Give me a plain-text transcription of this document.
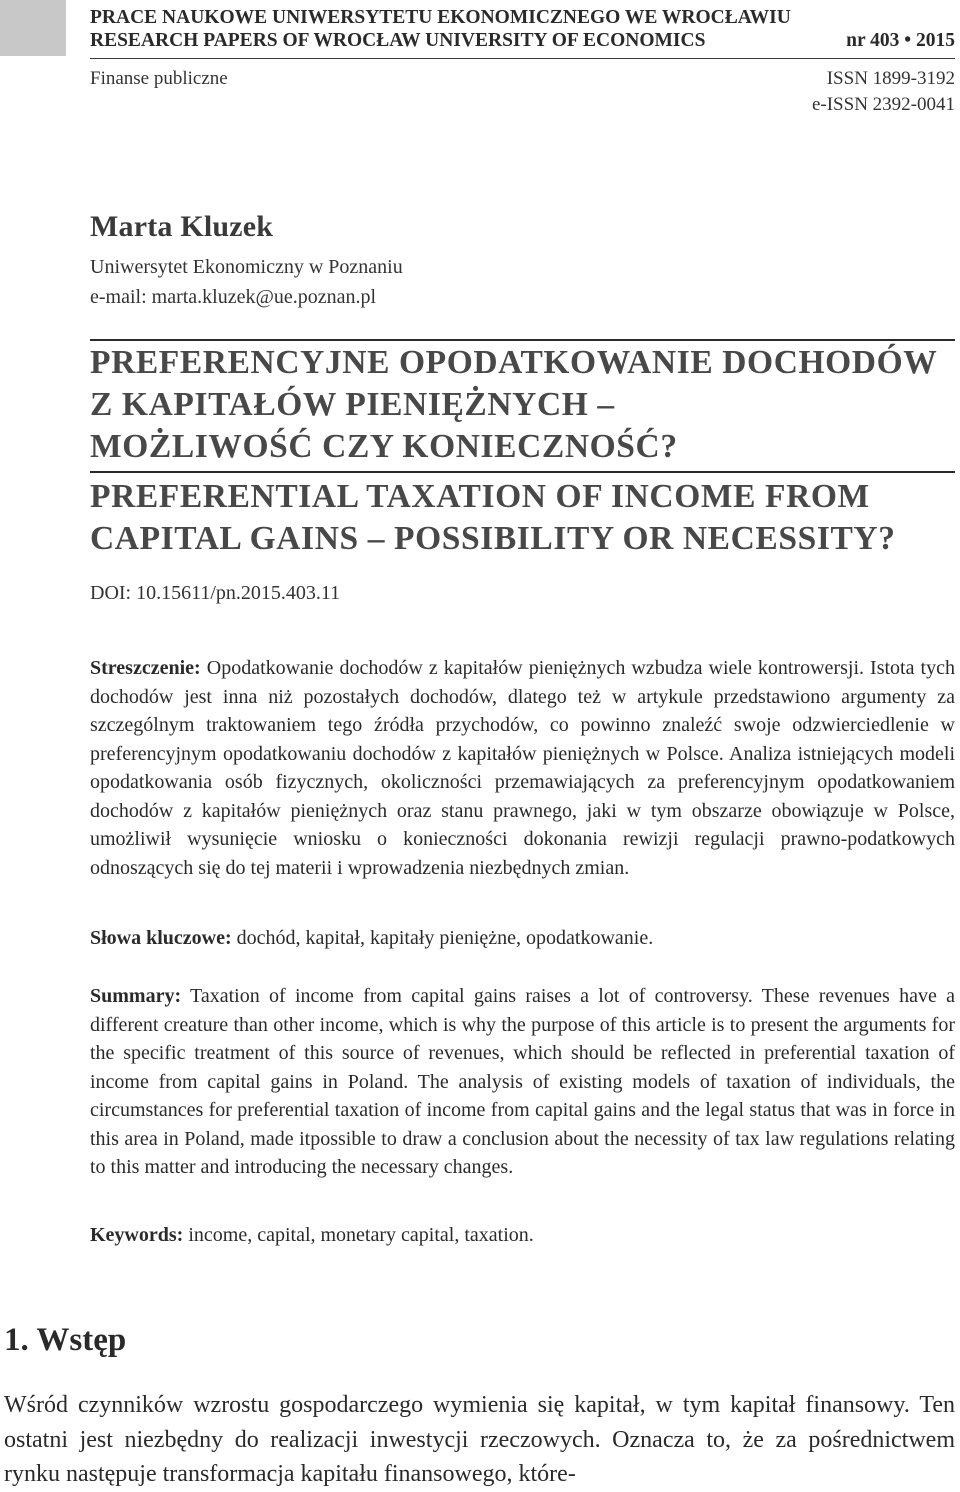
PRACE NAUKOWE UNIWERSYTETU EKONOMICZNEGO WE WROCŁAWIU
RESEARCH PAPERS OF WROCŁAW UNIVERSITY OF ECONOMICS	nr 403 • 2015
Finanse publiczne	ISSN 1899-3192
e-ISSN 2392-0041
Marta Kluzek
Uniwersytet Ekonomiczny w Poznaniu
e-mail: marta.kluzek@ue.poznan.pl
PREFERENCYJNE OPODATKOWANIE DOCHODÓW
Z KAPITAŁÓW PIENIĘŻNYCH –
MOŻLIWOŚĆ CZY KONIECZNOŚĆ?
PREFERENTIAL TAXATION OF INCOME FROM
CAPITAL GAINS – POSSIBILITY OR NECESSITY?
DOI: 10.15611/pn.2015.403.11

Streszczenie: Opodatkowanie dochodów z kapitałów pieniężnych wzbudza wiele kontrowersji. Istota tych dochodów jest inna niż pozostałych dochodów, dlatego też w artykule przedstawiono argumenty za szczególnym traktowaniem tego źródła przychodów, co powinno znaleźć swoje odzwierciedlenie w preferencyjnym opodatkowaniu dochodów z kapitałów pieniężnych w Polsce. Analiza istniejących modeli opodatkowania osób fizycznych, okoliczności przemawiających za preferencyjnym opodatkowaniem dochodów z kapitałów pieniężnych oraz stanu prawnego, jaki w tym obszarze obowiązuje w Polsce, umożliwił wysunięcie wniosku o konieczności dokonania rewizji regulacji prawno-podatkowych odnoszących się do tej materii i wprowadzenia niezbędnych zmian.

Słowa kluczowe: dochód, kapitał, kapitały pieniężne, opodatkowanie.

Summary: Taxation of income from capital gains raises a lot of controversy. These revenues have a different creature than other income, which is why the purpose of this article is to present the arguments for the specific treatment of this source of revenues, which should be reflected in preferential taxation of income from capital gains in Poland. The analysis of existing models of taxation of individuals, the circumstances for preferential taxation of income from capital gains and the legal status that was in force in this area in Poland, made itpossible to draw a conclusion about the necessity of tax law regulations relating to this matter and introducing the necessary changes.

Keywords: income, capital, monetary capital, taxation.

1. Wstęp

Wśród czynników wzrostu gospodarczego wymienia się kapitał, w tym kapitał finansowy. Ten ostatni jest niezbędny do realizacji inwestycji rzeczowych. Oznacza to, że za pośrednictwem rynku następuje transformacja kapitału finansowego, które-
